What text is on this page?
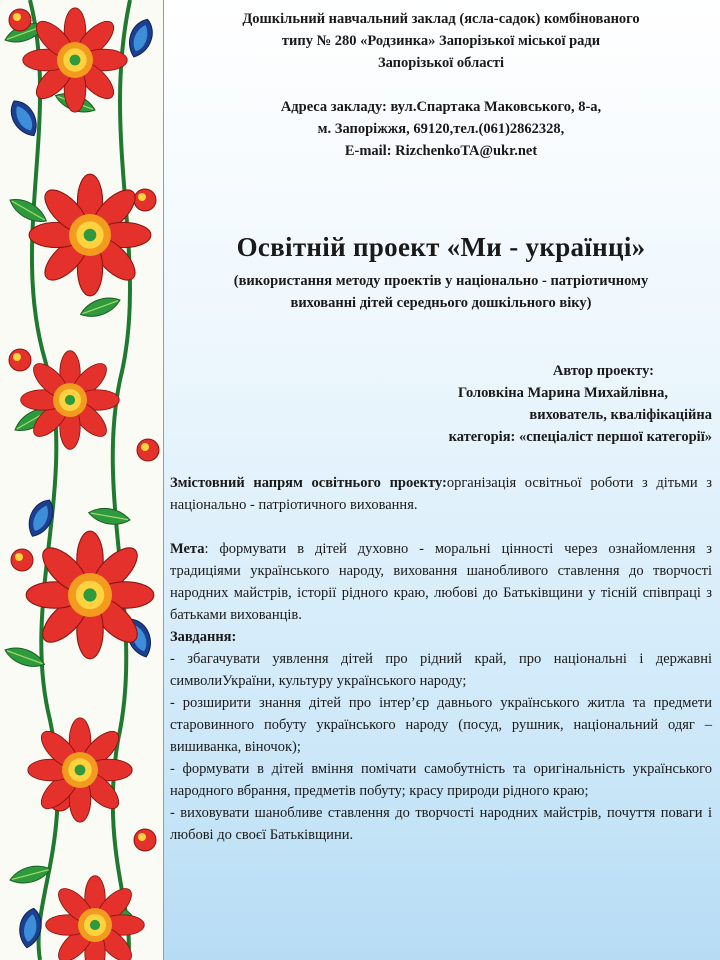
Дошкільний навчальний заклад (ясла-садок) комбінованого

типу № 280 «Родзинка» Запорізької міської ради

Запорізької області

Адреса закладу: вул.Спартака Маковського, 8-а,

м. Запоріжжя, 69120,тел.(061)2862328,

E-mail: RizchenkoTA@ukr.net

Освітній проект «Ми - українці»
(використання методу проектів у національно - патріотичному
вихованні дітей середнього дошкільного віку)
Автор проекту:
Головкіна Марина Михайлівна,
вихователь, кваліфікаційна
категорія: «спеціаліст першої категорії»

Змістовний напрям освітнього проекту:організація освітньої роботи з дітьми з національно - патріотичного виховання.

Мета: формувати в дітей духовно - моральні цінності через ознайомлення з традиціями українського народу, виховання шанобливого ставлення до творчості народних майстрів, історії рідного краю, любові до Батьківщини у тісній співпраці з батьками вихованців.

Завдання:

- збагачувати уявлення дітей про рідний край, про національні і державні символиУкраїни, культуру українського народу;

- розширити знання дітей про інтер’єр давнього українського житла та предмети старовинного побуту українського народу (посуд, рушник, національний одяг – вишиванка, віночок);

- формувати в дітей вміння помічати самобутність та оригінальність українського народного вбрання, предметів побуту; красу природи рідного краю;

- виховувати шанобливе ставлення до творчості народних майстрів, почуття поваги і любові до своєї Батьківщини.
